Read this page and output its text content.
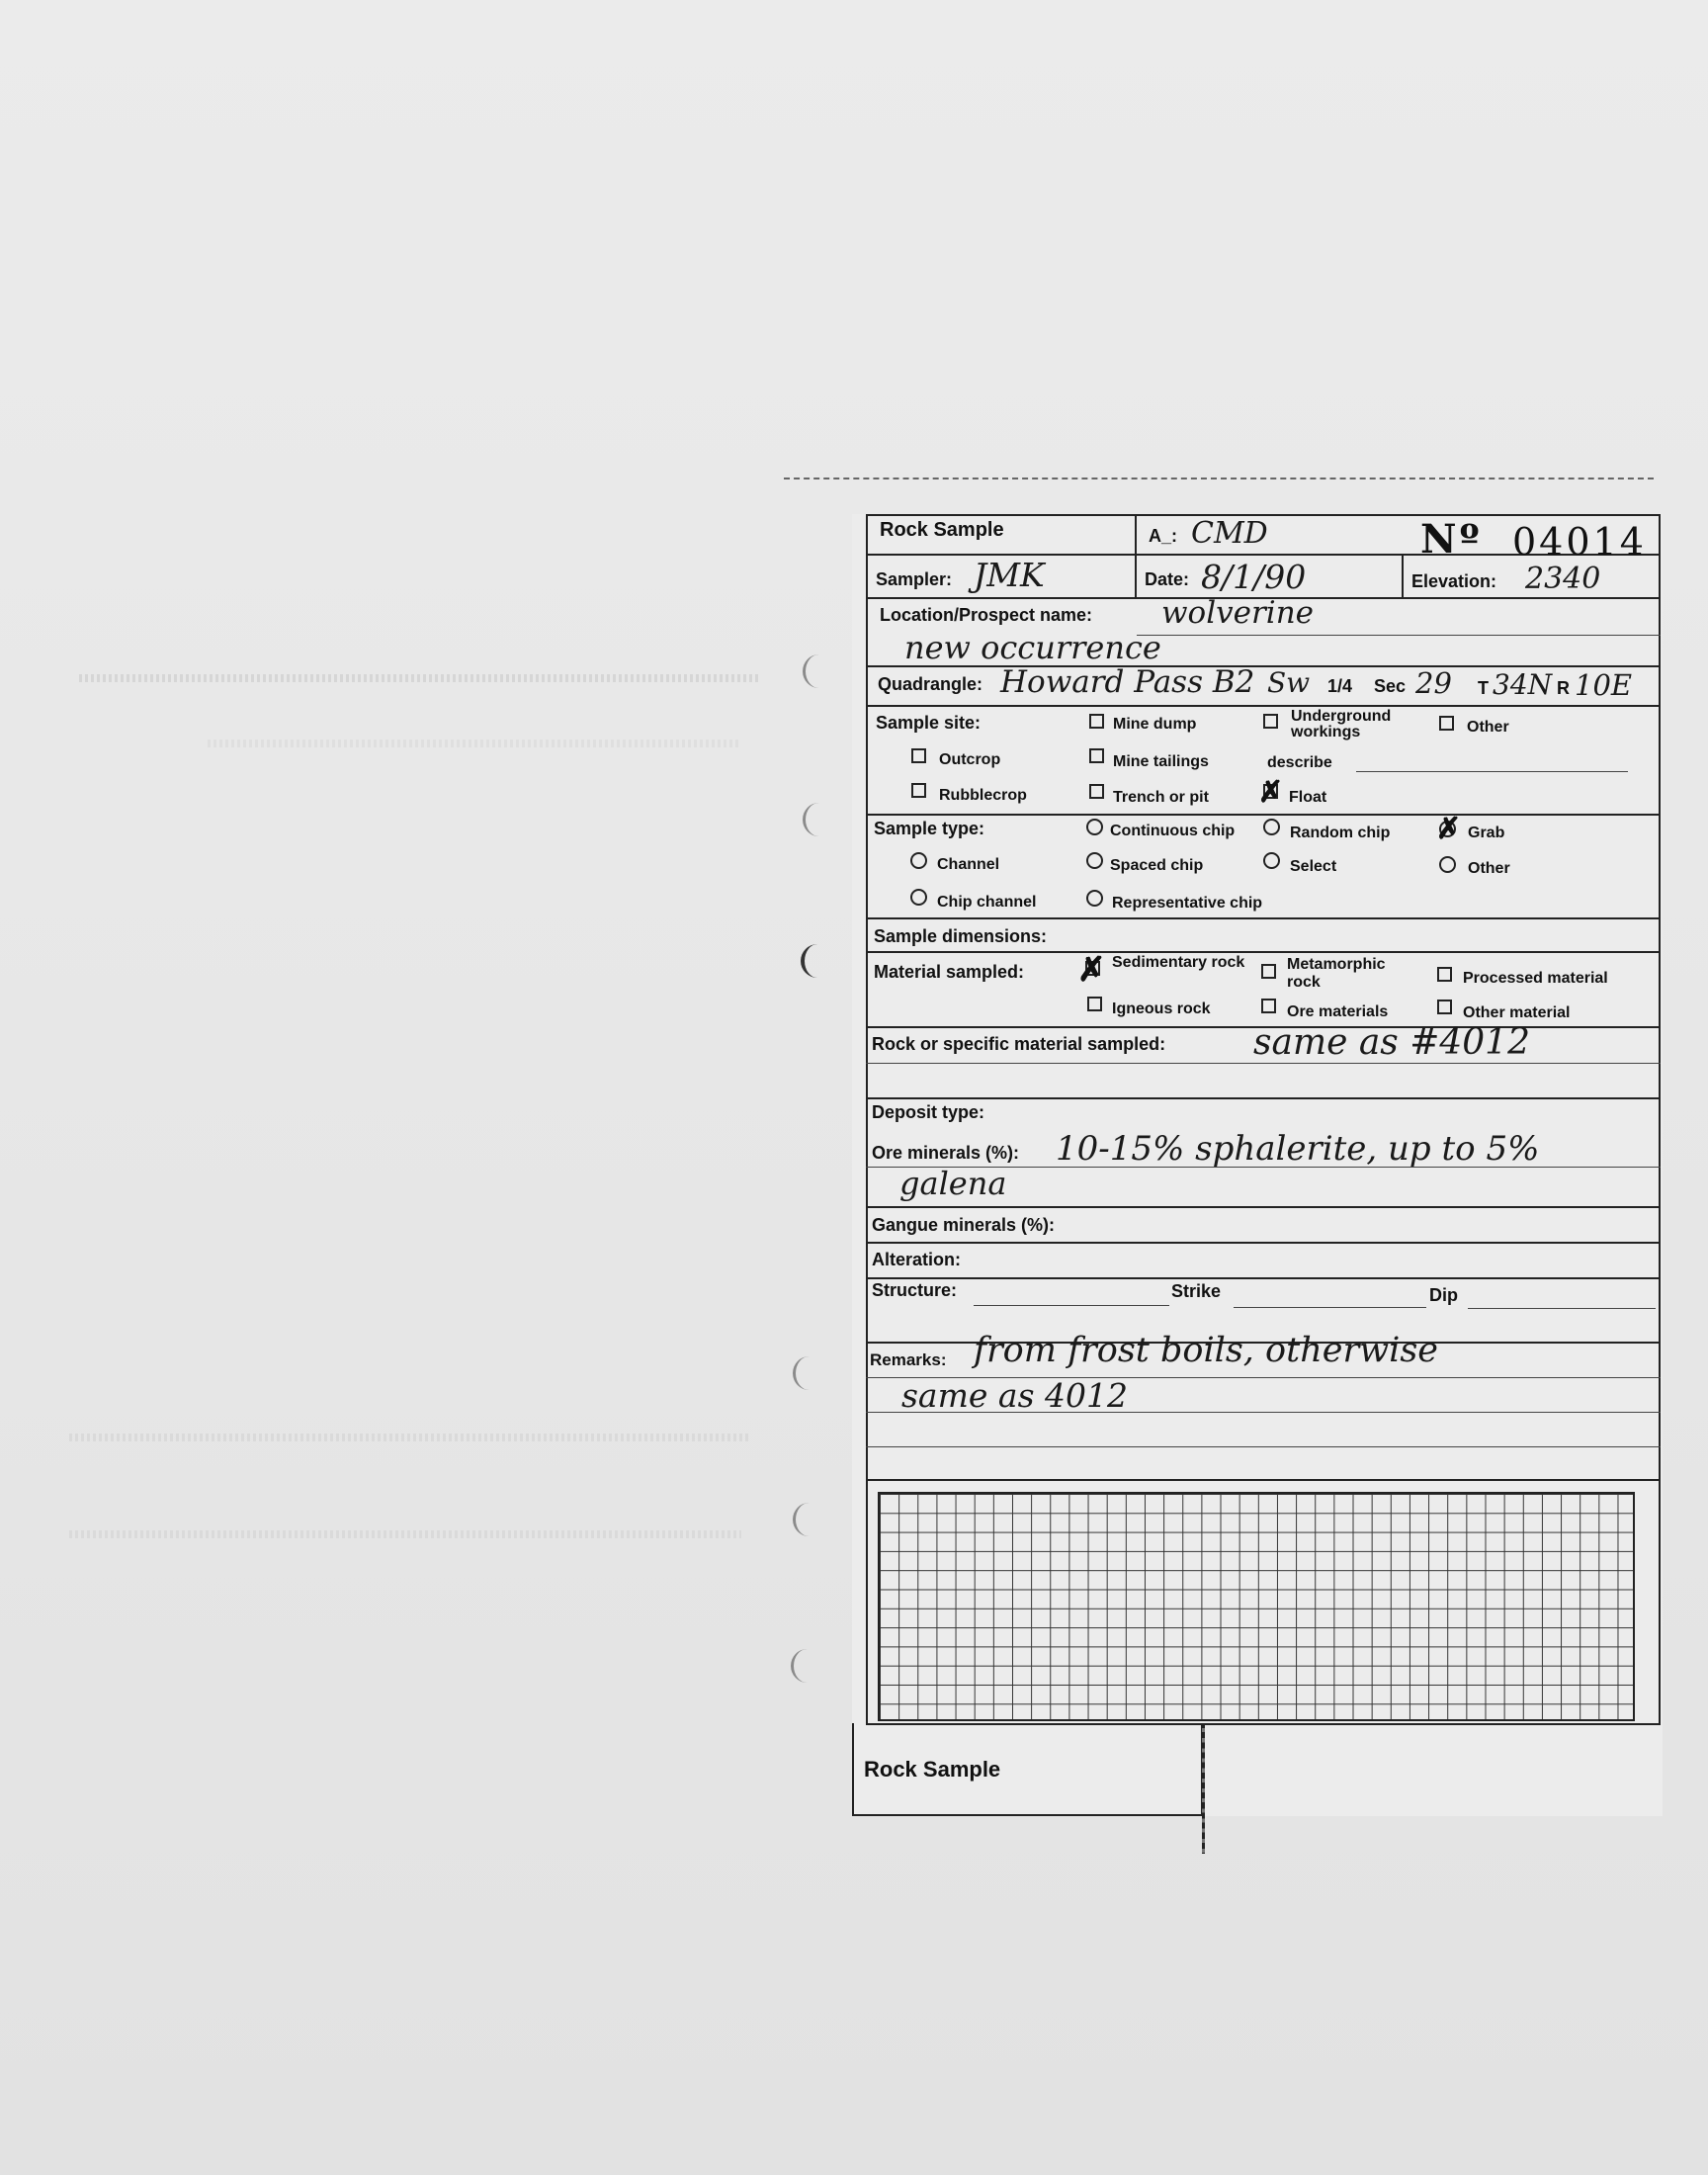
Rock Sample	A_: CMD	Nº 04014
Sampler: JMK	Date: 8/1/90	Elevation: 2340
Location/Prospect name: wolverine
new occurrence
Quadrangle: Howard Pass B2 Sw 1/4 Sec 29 T 34N R 10E
Sample site:	Mine dump	Underground workings	Other
Outcrop	Mine tailings	describe
Rubblecrop	Trench or pit ✗ Float
Sample type:	Continuous chip	Random chip ✗ Grab
Channel	Spaced chip	Select	Other
Chip channel	Representative chip
Sample dimensions:
Material sampled: ✗ Sedimentary rock	Metamorphic rock	Processed material
Igneous rock	Ore materials	Other material
Rock or specific material sampled: same as #4012
Deposit type:
Ore minerals (%): 10-15% sphalerite, up to 5%
galena
Gangue minerals (%):
Alteration:
Structure:	Strike	Dip
Remarks: from frost boils, otherwise
same as 4012
Rock Sample
